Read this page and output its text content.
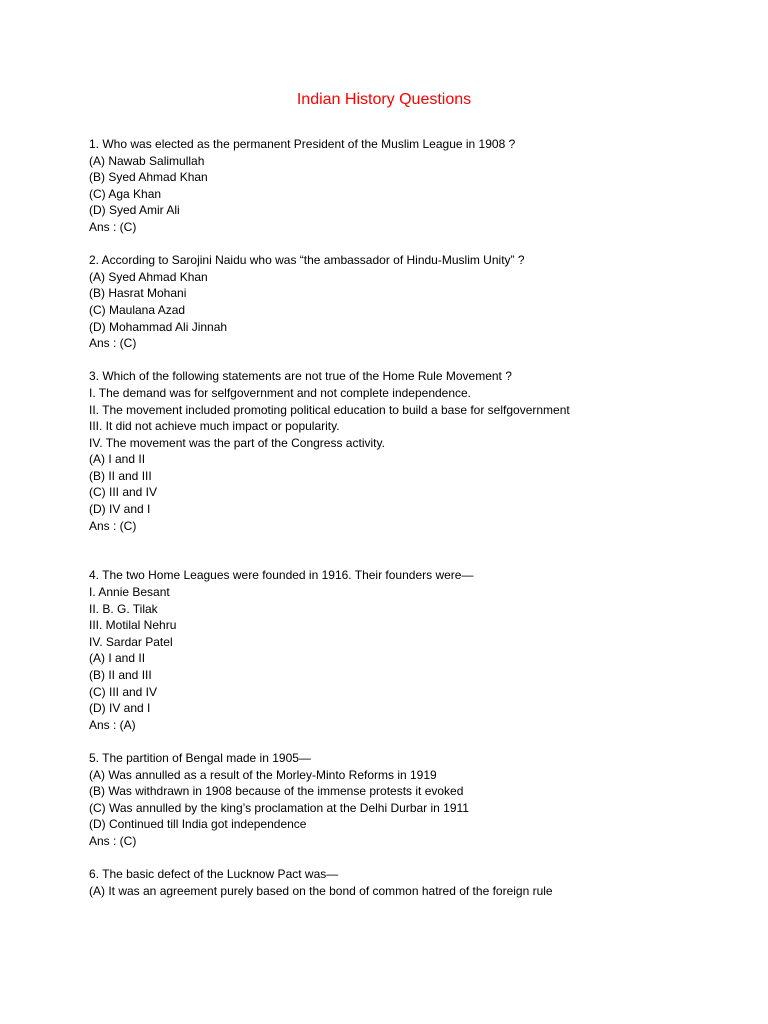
Indian History Questions
1. Who was elected as the permanent President of the Muslim League in 1908 ?
(A) Nawab Salimullah
(B) Syed Ahmad Khan
(C) Aga Khan
(D) Syed Amir Ali
Ans : (C)
2. According to Sarojini Naidu who was “the ambassador of Hindu-Muslim Unity” ?
(A) Syed Ahmad Khan
(B) Hasrat Mohani
(C) Maulana Azad
(D) Mohammad Ali Jinnah
Ans : (C)
3. Which of the following statements are not true of the Home Rule Movement ?
I. The demand was for selfgovernment and not complete independence.
II. The movement included promoting political education to build a base for selfgovernment
III. It did not achieve much impact or popularity.
IV. The movement was the part of the Congress activity.
(A) I and II
(B) II and III
(C) III and IV
(D) IV and I
Ans : (C)
4. The two Home Leagues were founded in 1916. Their founders were—
I. Annie Besant
II. B. G. Tilak
III. Motilal Nehru
IV. Sardar Patel
(A) I and II
(B) II and III
(C) III and IV
(D) IV and I
Ans : (A)
5. The partition of Bengal made in 1905—
(A) Was annulled as a result of the Morley-Minto Reforms in 1919
(B) Was withdrawn in 1908 because of the immense protests it evoked
(C) Was annulled by the king’s proclamation at the Delhi Durbar in 1911
(D) Continued till India got independence
Ans : (C)
6. The basic defect of the Lucknow Pact was—
(A) It was an agreement purely based on the bond of common hatred of the foreign rule
